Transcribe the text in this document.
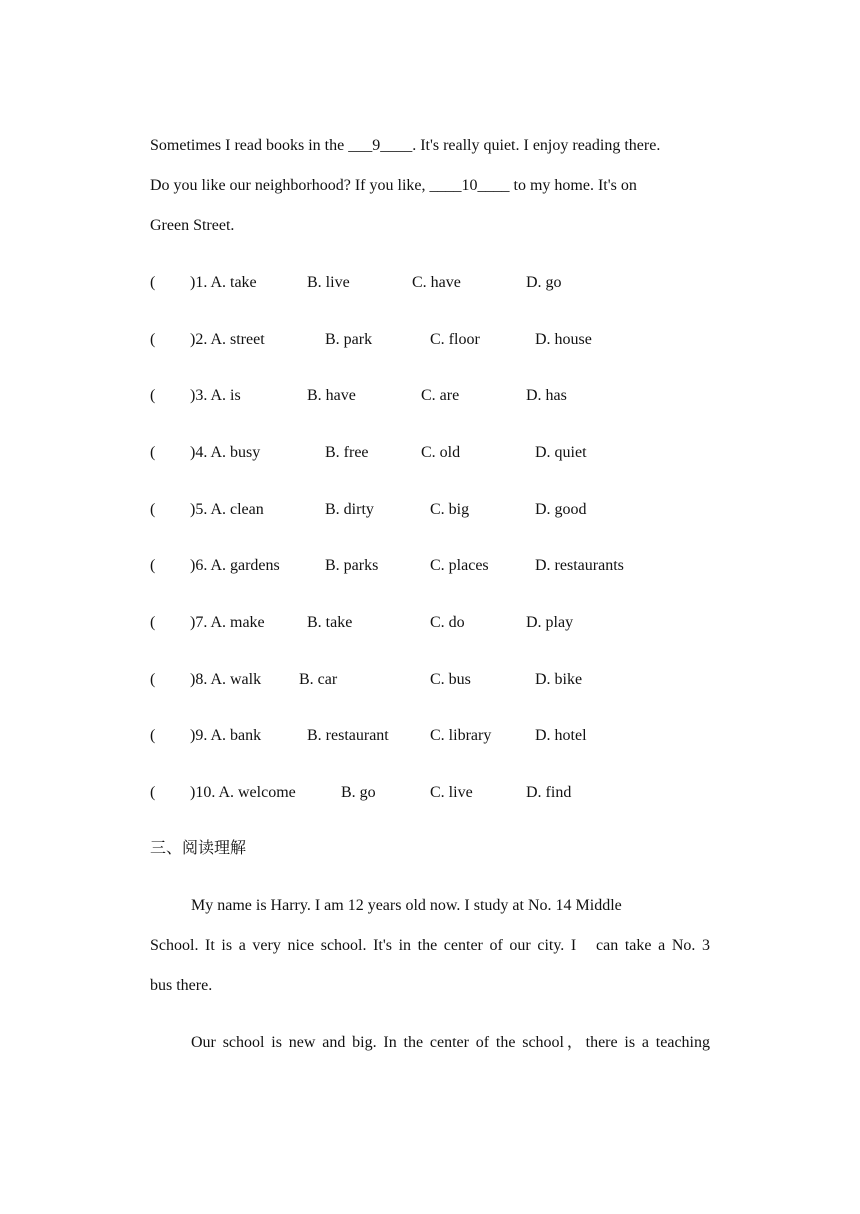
Sometimes I read books in the ___9____. It's really quiet. I enjoy reading there.
Do you like our neighborhood? If you like, ____10____ to my home. It's on
Green Street.
( )1. A. take	B. live	C. have	D. go
( )2. A. street	B. park	C. floor	D. house
( )3. A. is	B. have	C. are	D. has
( )4. A. busy	B. free	C. old	D. quiet
( )5. A. clean	B. dirty	C. big	D. good
( )6. A. gardens	B. parks	C. places	D. restaurants
( )7. A. make	B. take	C. do	D. play
( )8. A. walk B. car	C. bus	D. bike
( )9. A. bank	B. restaurant	C. library	D. hotel
( )10. A. welcome	B. go	C. live	D. find
三、阅读理解
My name is Harry. I am 12 years old now. I study at No. 14 Middle
School. It is a very nice school. It's in the center of our city. I   can take a No. 3
bus there.
Our school is new and big. In the center of the school，there is a teaching
